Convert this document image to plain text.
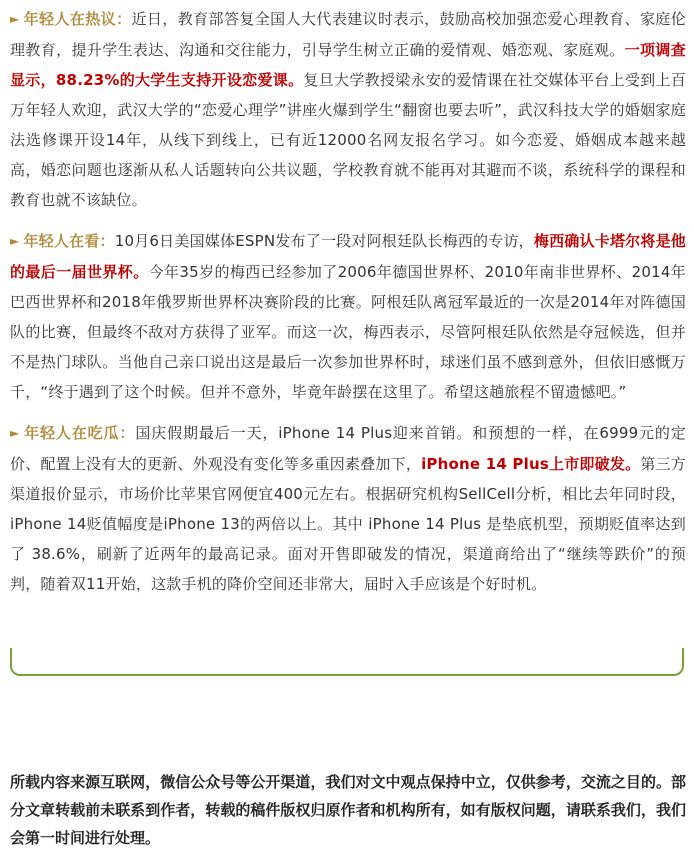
► 年轻人在热议：近日，教育部答复全国人大代表建议时表示，鼓励高校加强恋爱心理教育、家庭伦理教育，提升学生表达、沟通和交往能力，引导学生树立正确的爱情观、婚恋观、家庭观。一项调查显示，88.23%的大学生支持开设恋爱课。复旦大学教授梁永安的爱情课在社交媒体平台上受到上百万年轻人欢迎，武汉大学的“恋爱心理学”讲座火爆到学生“翻窗也要去听”，武汉科技大学的婚姻家庭法选修课开设14年，从线下到线上，已有近12000名网友报名学习。如今恋爱、婚姻成本越来越高，婚恋问题也逐渐从私人话题转向公共议题，学校教育就不能再对其避而不谈，系统科学的课程和教育也就不该缺位。

► 年轻人在看：10月6日美国媒体ESPN发布了一段对阿根廷队长梅西的专访，梅西确认卡塔尔将是他的最后一届世界杯。今年35岁的梅西已经参加了2006年德国世界杯、2010年南非世界杯、2014年巴西世界杯和2018年俄罗斯世界杯决赛阶段的比赛。阿根廷队离冠军最近的一次是2014年对阵德国队的比赛，但最终不敌对方获得了亚军。而这一次，梅西表示，尽管阿根廷队依然是夺冠候选，但并不是热门球队。当他自己亲口说出这是最后一次参加世界杯时，球迷们虽不感到意外，但依旧感慨万千，“终于遇到了这个时候。但并不意外，毕竟年龄摆在这里了。希望这趟旅程不留遗憾吧。”

► 年轻人在吃瓜：国庆假期最后一天，iPhone 14 Plus迎来首销。和预想的一样，在6999元的定价、配置上没有大的更新、外观没有变化等多重因素叠加下，iPhone 14 Plus上市即破发。第三方渠道报价显示，市场价比苹果官网便宜400元左右。根据研究机构SellCell分析，相比去年同时段，iPhone 14贬值幅度是iPhone 13的两倍以上。其中 iPhone 14 Plus 是垫底机型，预期贬值率达到了 38.6%，刷新了近两年的最高记录。面对开售即破发的情况，渠道商给出了“继续等跌价”的预判，随着双11开始，这款手机的降价空间还非常大，届时入手应该是个好时机。

所载内容来源互联网，微信公众号等公开渠道，我们对文中观点保持中立，仅供参考，交流之目的。部分文章转载前未联系到作者，转载的稿件版权归原作者和机构所有，如有版权问题，请联系我们，我们会第一时间进行处理。
